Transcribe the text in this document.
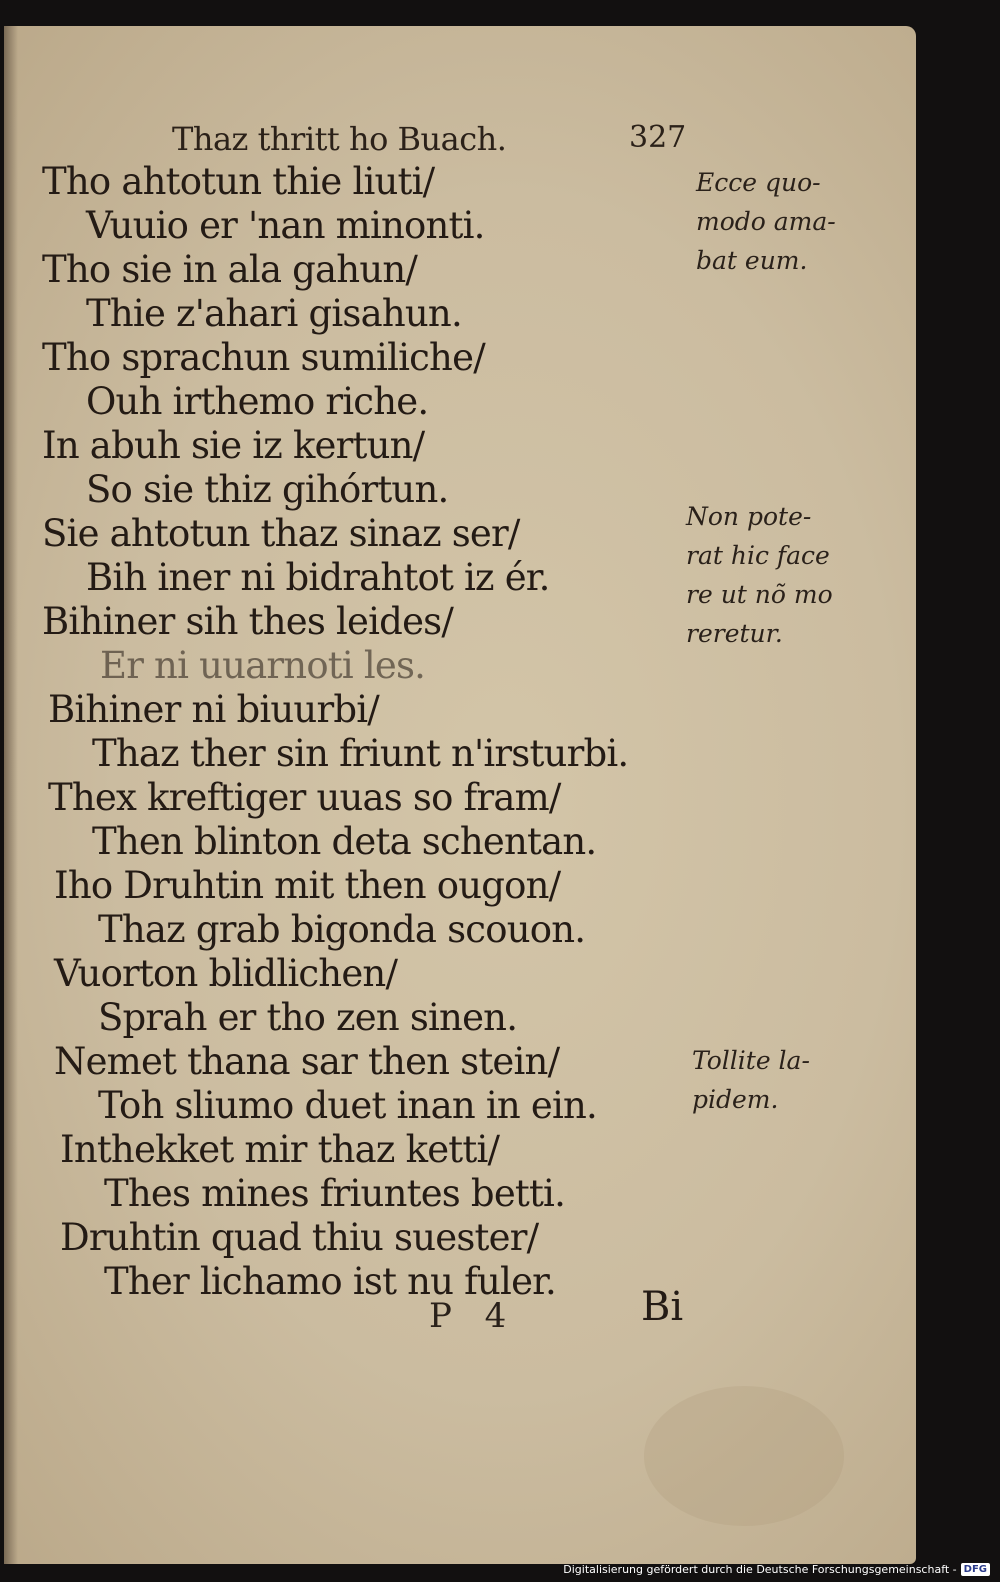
Thaz thritt ho Buach.	327
Tho ahtotun thie liuti/
Vuuio er 'nan minonti.
Tho sie in ala gahun/
Thie z'ahari gisahun.
Tho sprachun sumiliche/
Ouh irthemo riche.
In abuh sie iz kertun/
So sie thiz gihórtun.
Sie ahtotun thaz sinaz ser/
Bih iner ni bidrahtot iz ér.
Bihiner sih thes leides/
Er ni uuarnoti les.
Bihiner ni biuurbi/
Thaz ther sin friunt n'irsturbi.
Thex kreftiger uuas so fram/
Then blinton deta schentan.
Iho Druhtin mit then ougon/
Thaz grab bigonda scouon.
Vuorton blidlichen/
Sprah er tho zen sinen.
Nemet thana sar then stein/
Toh sliumo duet inan in ein.
Inthekket mir thaz ketti/
Thes mines friuntes betti.
Druhtin quad thiu suester/
Ther lichamo ist nu fuler.
Ecce quo-
modo ama-
bat eum.
Non pote-
rat hic face
re ut nõ mo
reretur.
Tollite la-
pidem.
P 4	Bi
Digitalisierung gefördert durch die Deutsche Forschungsgemeinschaft - DFG
